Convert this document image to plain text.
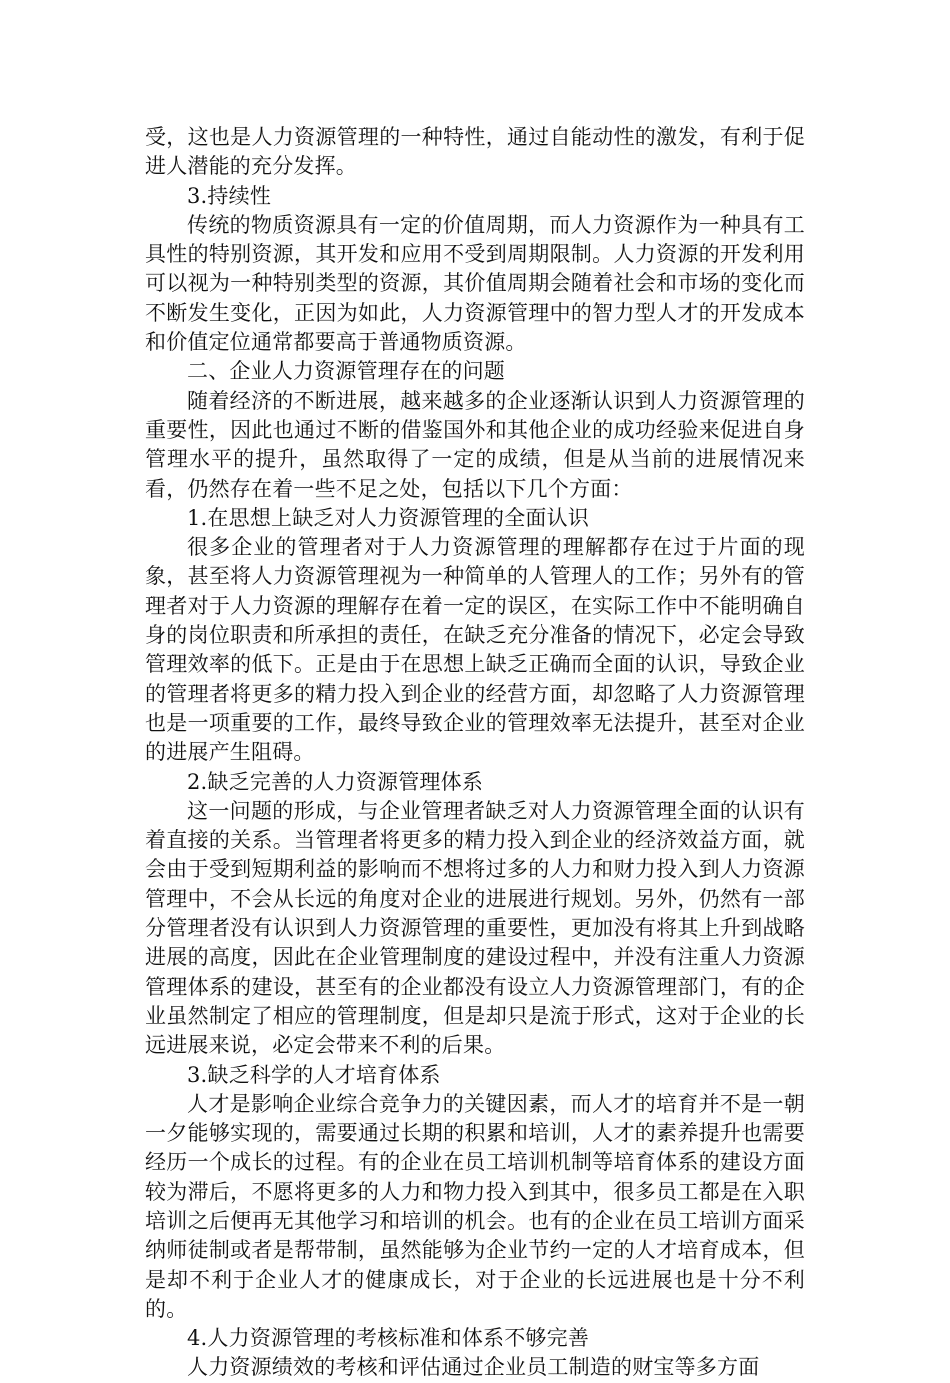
受，这也是人力资源管理的一种特性，通过自能动性的激发，有利于促进人潜能的充分发挥。

3.持续性

传统的物质资源具有一定的价值周期，而人力资源作为一种具有工具性的特别资源，其开发和应用不受到周期限制。人力资源的开发利用可以视为一种特别类型的资源，其价值周期会随着社会和市场的变化而不断发生变化，正因为如此，人力资源管理中的智力型人才的开发成本和价值定位通常都要高于普通物质资源。

二、企业人力资源管理存在的问题

随着经济的不断进展，越来越多的企业逐渐认识到人力资源管理的重要性，因此也通过不断的借鉴国外和其他企业的成功经验来促进自身管理水平的提升，虽然取得了一定的成绩，但是从当前的进展情况来看，仍然存在着一些不足之处，包括以下几个方面：

1.在思想上缺乏对人力资源管理的全面认识

很多企业的管理者对于人力资源管理的理解都存在过于片面的现象，甚至将人力资源管理视为一种简单的人管理人的工作；另外有的管理者对于人力资源的理解存在着一定的误区，在实际工作中不能明确自身的岗位职责和所承担的责任，在缺乏充分准备的情况下，必定会导致管理效率的低下。正是由于在思想上缺乏正确而全面的认识，导致企业的管理者将更多的精力投入到企业的经营方面，却忽略了人力资源管理也是一项重要的工作，最终导致企业的管理效率无法提升，甚至对企业的进展产生阻碍。

2.缺乏完善的人力资源管理体系

这一问题的形成，与企业管理者缺乏对人力资源管理全面的认识有着直接的关系。当管理者将更多的精力投入到企业的经济效益方面，就会由于受到短期利益的影响而不想将过多的人力和财力投入到人力资源管理中，不会从长远的角度对企业的进展进行规划。另外，仍然有一部分管理者没有认识到人力资源管理的重要性，更加没有将其上升到战略进展的高度，因此在企业管理制度的建设过程中，并没有注重人力资源管理体系的建设，甚至有的企业都没有设立人力资源管理部门，有的企业虽然制定了相应的管理制度，但是却只是流于形式，这对于企业的长远进展来说，必定会带来不利的后果。

3.缺乏科学的人才培育体系

人才是影响企业综合竞争力的关键因素，而人才的培育并不是一朝一夕能够实现的，需要通过长期的积累和培训，人才的素养提升也需要经历一个成长的过程。有的企业在员工培训机制等培育体系的建设方面较为滞后，不愿将更多的人力和物力投入到其中，很多员工都是在入职培训之后便再无其他学习和培训的机会。也有的企业在员工培训方面采纳师徒制或者是帮带制，虽然能够为企业节约一定的人才培育成本，但是却不利于企业人才的健康成长，对于企业的长远进展也是十分不利的。

4.人力资源管理的考核标准和体系不够完善

人力资源绩效的考核和评估通过企业员工制造的财宝等多方面
